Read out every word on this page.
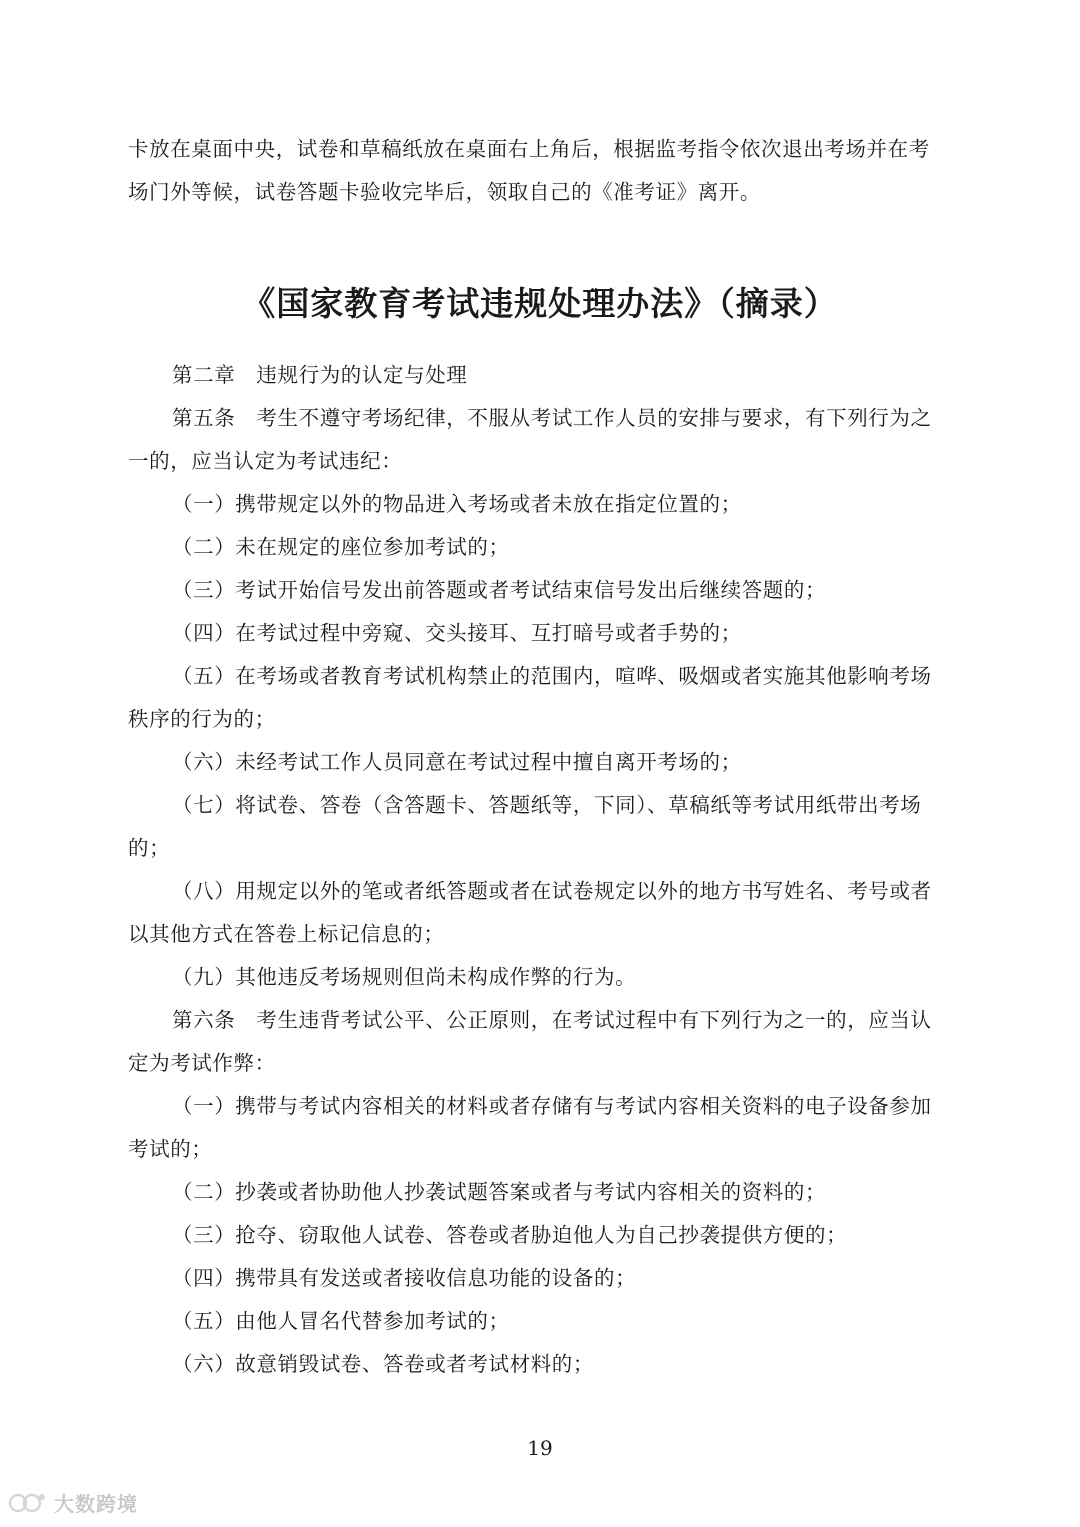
卡放在桌面中央，试卷和草稿纸放在桌面右上角后，根据监考指令依次退出考场并在考

场门外等候，试卷答题卡验收完毕后，领取自己的《准考证》离开。

《国家教育考试违规处理办法》（摘录）

第二章　违规行为的认定与处理

第五条　考生不遵守考场纪律，不服从考试工作人员的安排与要求，有下列行为之

一的，应当认定为考试违纪：

（一）携带规定以外的物品进入考场或者未放在指定位置的；

（二）未在规定的座位参加考试的；

（三）考试开始信号发出前答题或者考试结束信号发出后继续答题的；

（四）在考试过程中旁窥、交头接耳、互打暗号或者手势的；

（五）在考场或者教育考试机构禁止的范围内，喧哗、吸烟或者实施其他影响考场

秩序的行为的；

（六）未经考试工作人员同意在考试过程中擅自离开考场的；

（七）将试卷、答卷（含答题卡、答题纸等，下同）、草稿纸等考试用纸带出考场

的；

（八）用规定以外的笔或者纸答题或者在试卷规定以外的地方书写姓名、考号或者

以其他方式在答卷上标记信息的；

（九）其他违反考场规则但尚未构成作弊的行为。

第六条　考生违背考试公平、公正原则，在考试过程中有下列行为之一的，应当认

定为考试作弊：

（一）携带与考试内容相关的材料或者存储有与考试内容相关资料的电子设备参加

考试的；

（二）抄袭或者协助他人抄袭试题答案或者与考试内容相关的资料的；

（三）抢夺、窃取他人试卷、答卷或者胁迫他人为自己抄袭提供方便的；

（四）携带具有发送或者接收信息功能的设备的；

（五）由他人冒名代替参加考试的；

（六）故意销毁试卷、答卷或者考试材料的；

19
大数跨境
